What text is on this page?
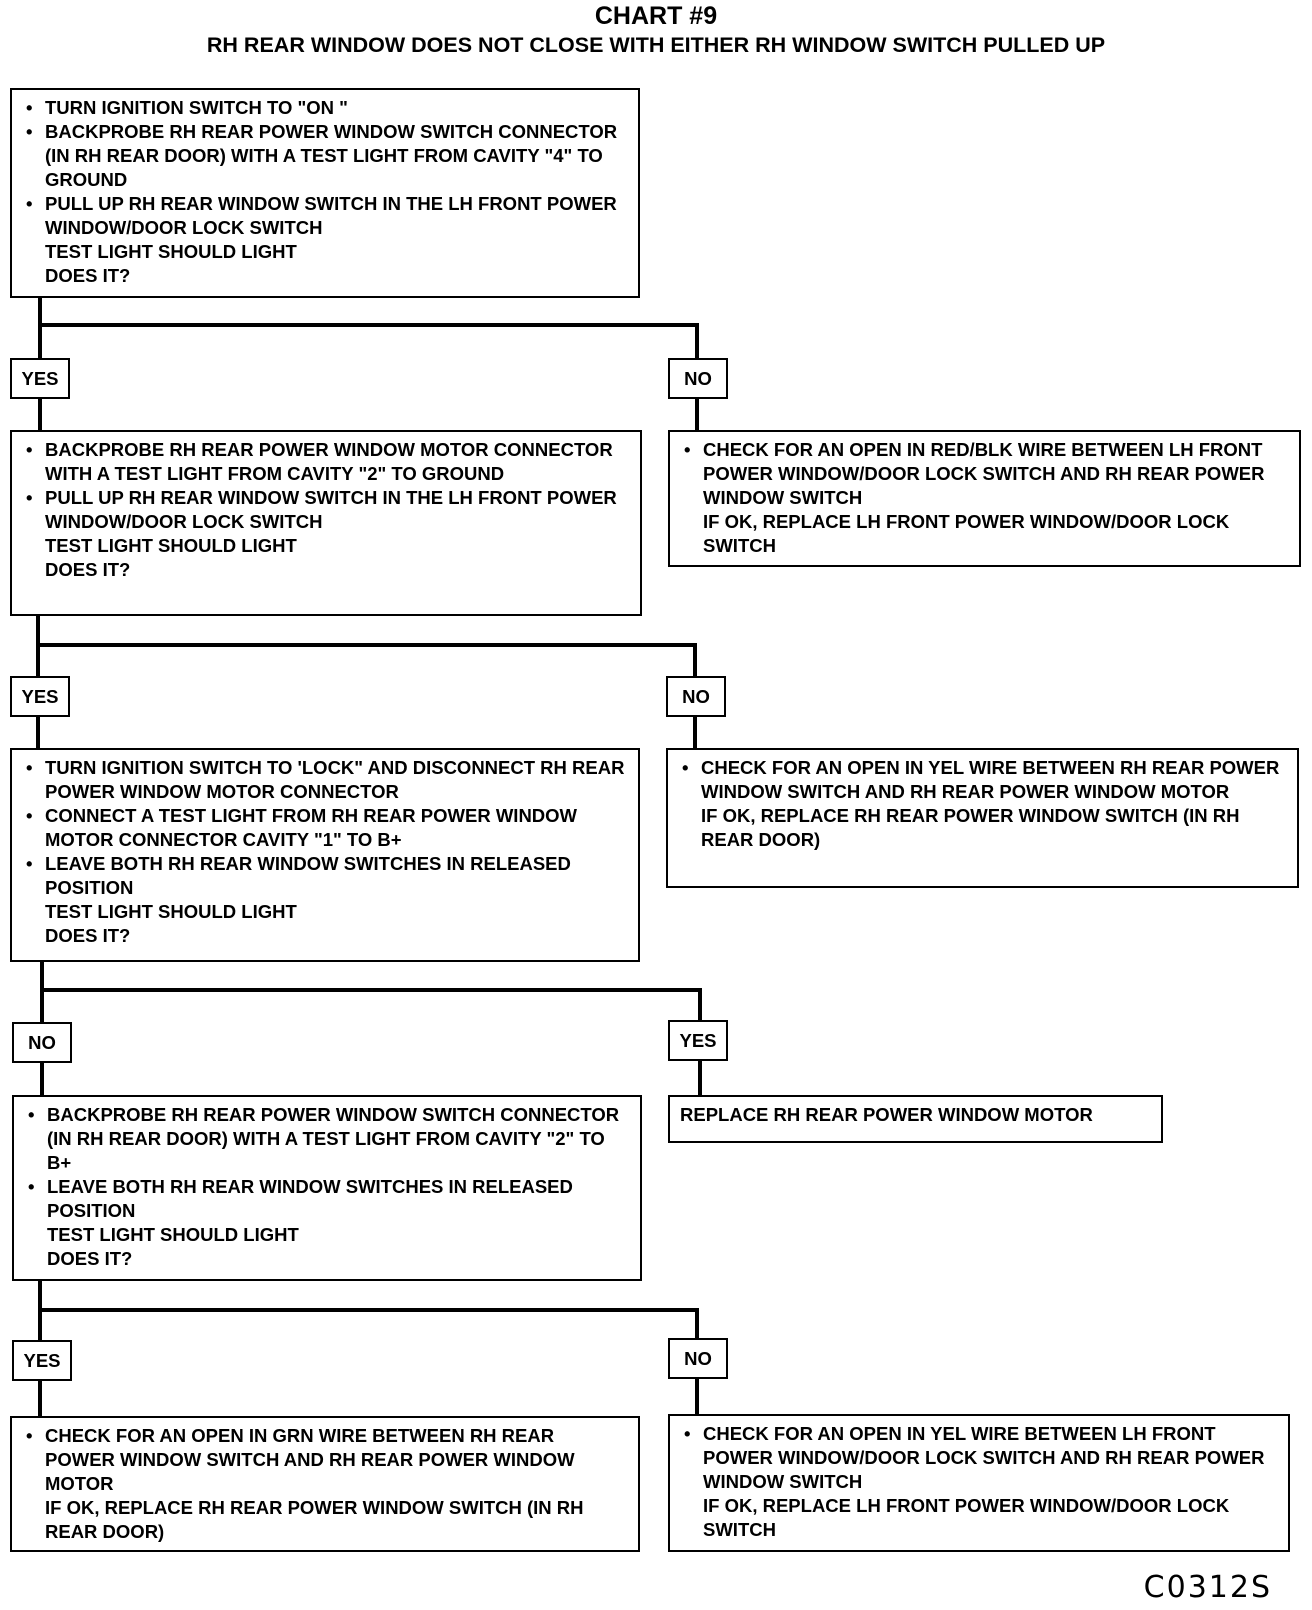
CHART #9
RH REAR WINDOW DOES NOT CLOSE WITH EITHER RH WINDOW SWITCH PULLED UP
• TURN IGNITION SWITCH TO "ON "
• BACKPROBE RH REAR POWER WINDOW SWITCH CONNECTOR (IN RH REAR DOOR) WITH A TEST LIGHT FROM CAVITY "4" TO GROUND
• PULL UP RH REAR WINDOW SWITCH IN THE LH FRONT POWER WINDOW/DOOR LOCK SWITCH
TEST LIGHT SHOULD LIGHT
DOES IT?
YES	NO
• BACKPROBE RH REAR POWER WINDOW MOTOR CONNECTOR WITH A TEST LIGHT FROM CAVITY "2" TO GROUND
• PULL UP RH REAR WINDOW SWITCH IN THE LH FRONT POWER WINDOW/DOOR LOCK SWITCH
TEST LIGHT SHOULD LIGHT
DOES IT?
• CHECK FOR AN OPEN IN RED/BLK WIRE BETWEEN LH FRONT POWER WINDOW/DOOR LOCK SWITCH AND RH REAR POWER WINDOW SWITCH
IF OK, REPLACE LH FRONT POWER WINDOW/DOOR LOCK SWITCH
YES	NO
• TURN IGNITION SWITCH TO 'LOCK" AND DISCONNECT RH REAR POWER WINDOW MOTOR CONNECTOR
• CONNECT A TEST LIGHT FROM RH REAR POWER WINDOW MOTOR CONNECTOR CAVITY "1" TO B+
• LEAVE BOTH RH REAR WINDOW SWITCHES IN RELEASED POSITION
TEST LIGHT SHOULD LIGHT
DOES IT?
• CHECK FOR AN OPEN IN YEL WIRE BETWEEN RH REAR POWER WINDOW SWITCH AND RH REAR POWER WINDOW MOTOR
IF OK, REPLACE RH REAR POWER WINDOW SWITCH (IN RH REAR DOOR)
NO	YES
• BACKPROBE RH REAR POWER WINDOW SWITCH CONNECTOR (IN RH REAR DOOR) WITH A TEST LIGHT FROM CAVITY "2" TO B+
• LEAVE BOTH RH REAR WINDOW SWITCHES IN RELEASED POSITION
TEST LIGHT SHOULD LIGHT
DOES IT?
REPLACE RH REAR POWER WINDOW MOTOR
YES	NO
• CHECK FOR AN OPEN IN GRN WIRE BETWEEN RH REAR POWER WINDOW SWITCH AND RH REAR POWER WINDOW MOTOR
IF OK, REPLACE RH REAR POWER WINDOW SWITCH (IN RH REAR DOOR)
• CHECK FOR AN OPEN IN YEL WIRE BETWEEN LH FRONT POWER WINDOW/DOOR LOCK SWITCH AND RH REAR POWER WINDOW SWITCH
IF OK, REPLACE LH FRONT POWER WINDOW/DOOR LOCK SWITCH
C0312S
